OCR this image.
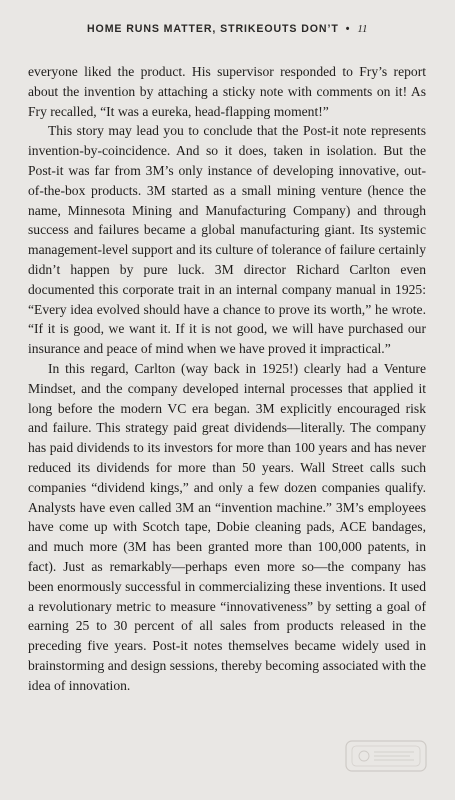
HOME RUNS MATTER, STRIKEOUTS DON’T • 11

everyone liked the product. His supervisor responded to Fry’s report about the invention by attaching a sticky note with comments on it! As Fry recalled, “It was a eureka, head-flapping moment!”

This story may lead you to conclude that the Post-it note represents invention-by-coincidence. And so it does, taken in isolation. But the Post-it was far from 3M’s only instance of developing innovative, out-of-the-box products. 3M started as a small mining venture (hence the name, Minnesota Mining and Manufacturing Company) and through success and failures became a global manufacturing giant. Its systemic management-level support and its culture of tolerance of failure certainly didn’t happen by pure luck. 3M director Richard Carlton even documented this corporate trait in an internal company manual in 1925: “Every idea evolved should have a chance to prove its worth,” he wrote. “If it is good, we want it. If it is not good, we will have purchased our insurance and peace of mind when we have proved it impractical.”

In this regard, Carlton (way back in 1925!) clearly had a Venture Mindset, and the company developed internal processes that applied it long before the modern VC era began. 3M explicitly encouraged risk and failure. This strategy paid great dividends—literally. The company has paid dividends to its investors for more than 100 years and has never reduced its dividends for more than 50 years. Wall Street calls such companies “dividend kings,” and only a few dozen companies qualify. Analysts have even called 3M an “invention machine.” 3M’s employees have come up with Scotch tape, Dobie cleaning pads, ACE bandages, and much more (3M has been granted more than 100,000 patents, in fact). Just as remarkably—perhaps even more so—the company has been enormously successful in commercializing these inventions. It used a revolutionary metric to measure “innovativeness” by setting a goal of earning 25 to 30 percent of all sales from products released in the preceding five years. Post-it notes themselves became widely used in brainstorming and design sessions, thereby becoming associated with the idea of innovation.
